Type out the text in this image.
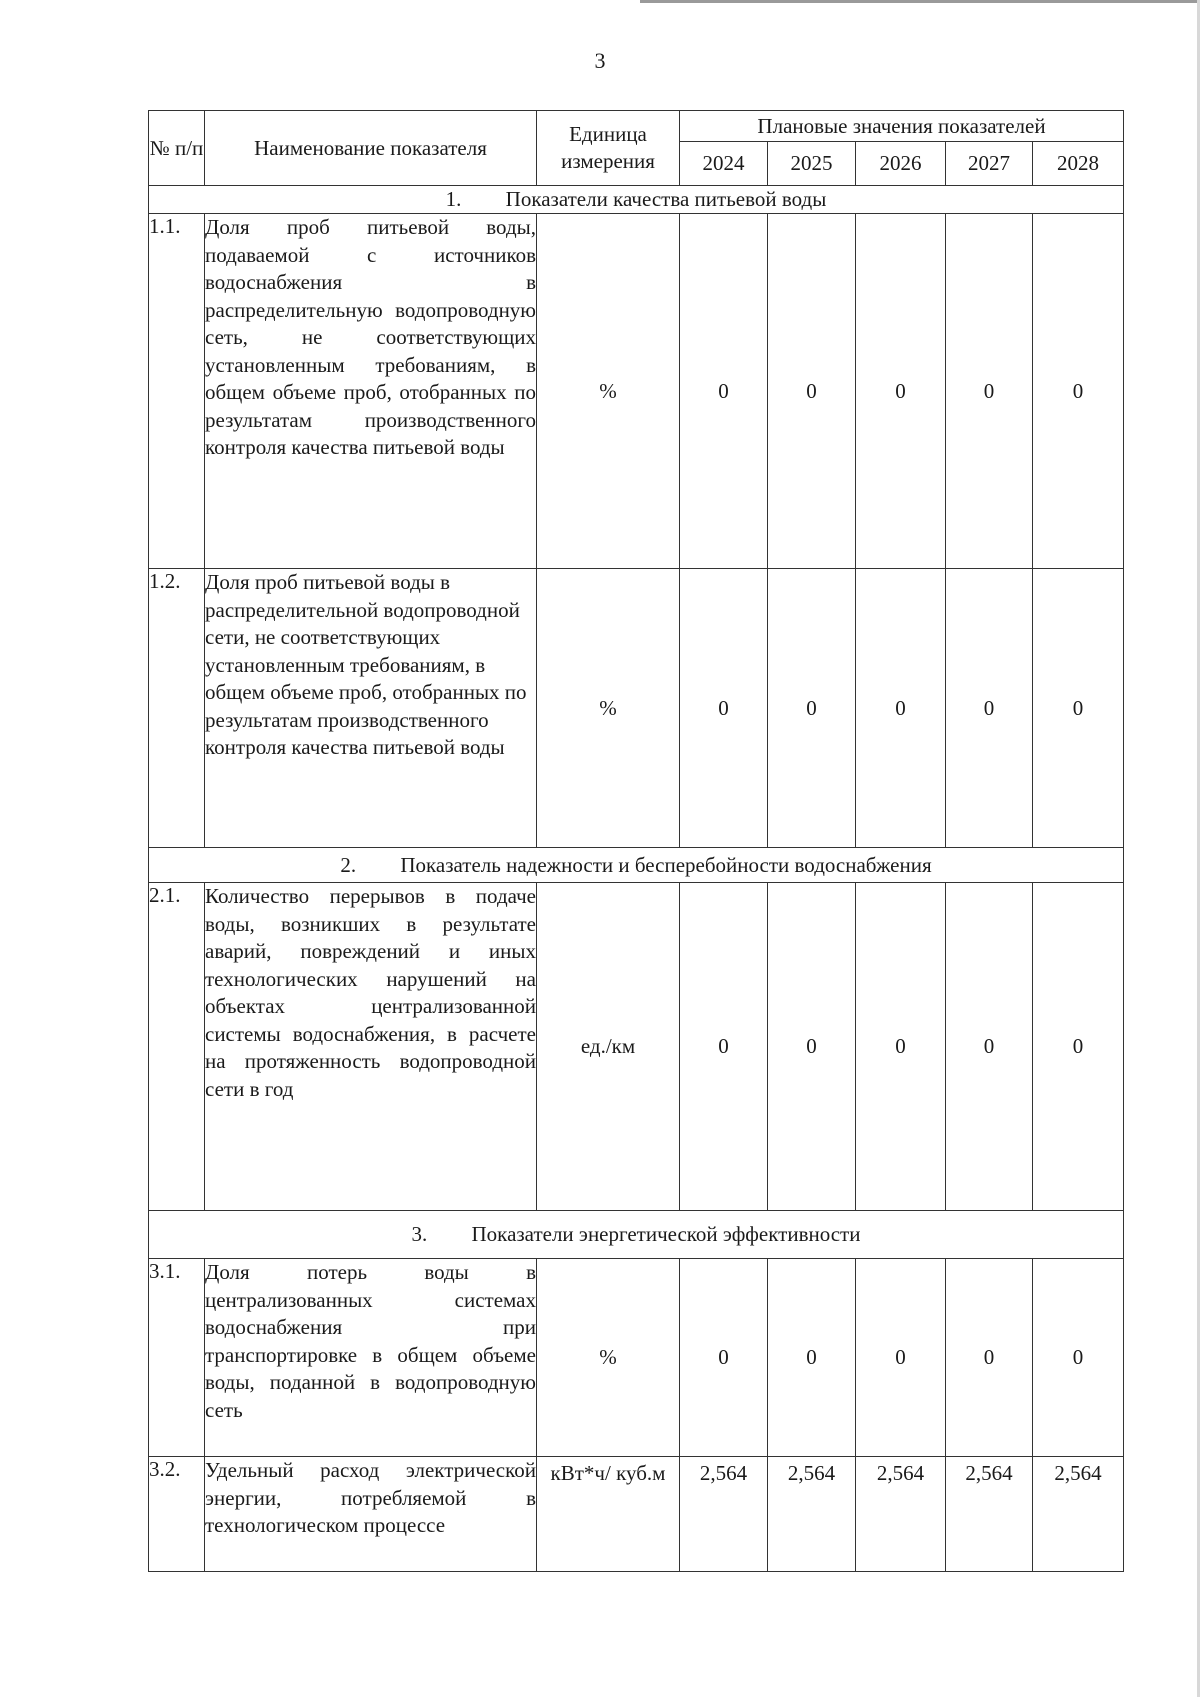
3
№ п/п	Наименование показателя	Единица измерения	Плановые значения показателей				
			2024	2025	2026	2027	2028
1. Показатели качества питьевой воды							
1.1.	Доля проб питьевой воды, подаваемой с источников водоснабжения в распределительную водопроводную сеть, не соответствующих установленным требованиям, в общем объеме проб, отобранных по результатам производственного контроля качества питьевой воды	%	0	0	0	0	0
1.2.	Доля проб питьевой воды в распределительной водопроводной сети, не соответствующих установленным требованиям, в общем объеме проб, отобранных по результатам производственного контроля качества питьевой воды	%	0	0	0	0	0
2. Показатель надежности и бесперебойности водоснабжения							
2.1.	Количество перерывов в подаче воды, возникших в результате аварий, повреждений и иных технологических нарушений на объектах централизованной системы водоснабжения, в расчете на протяженность водопроводной сети в год	ед./км	0	0	0	0	0
3. Показатели энергетической эффективности							
3.1.	Доля потерь воды в централизованных системах водоснабжения при транспортировке в общем объеме воды, поданной в водопроводную сеть	%	0	0	0	0	0
3.2.	Удельный расход электрической энергии, потребляемой в технологическом процессе	кВт*ч/ куб.м	2,564	2,564	2,564	2,564	2,564
